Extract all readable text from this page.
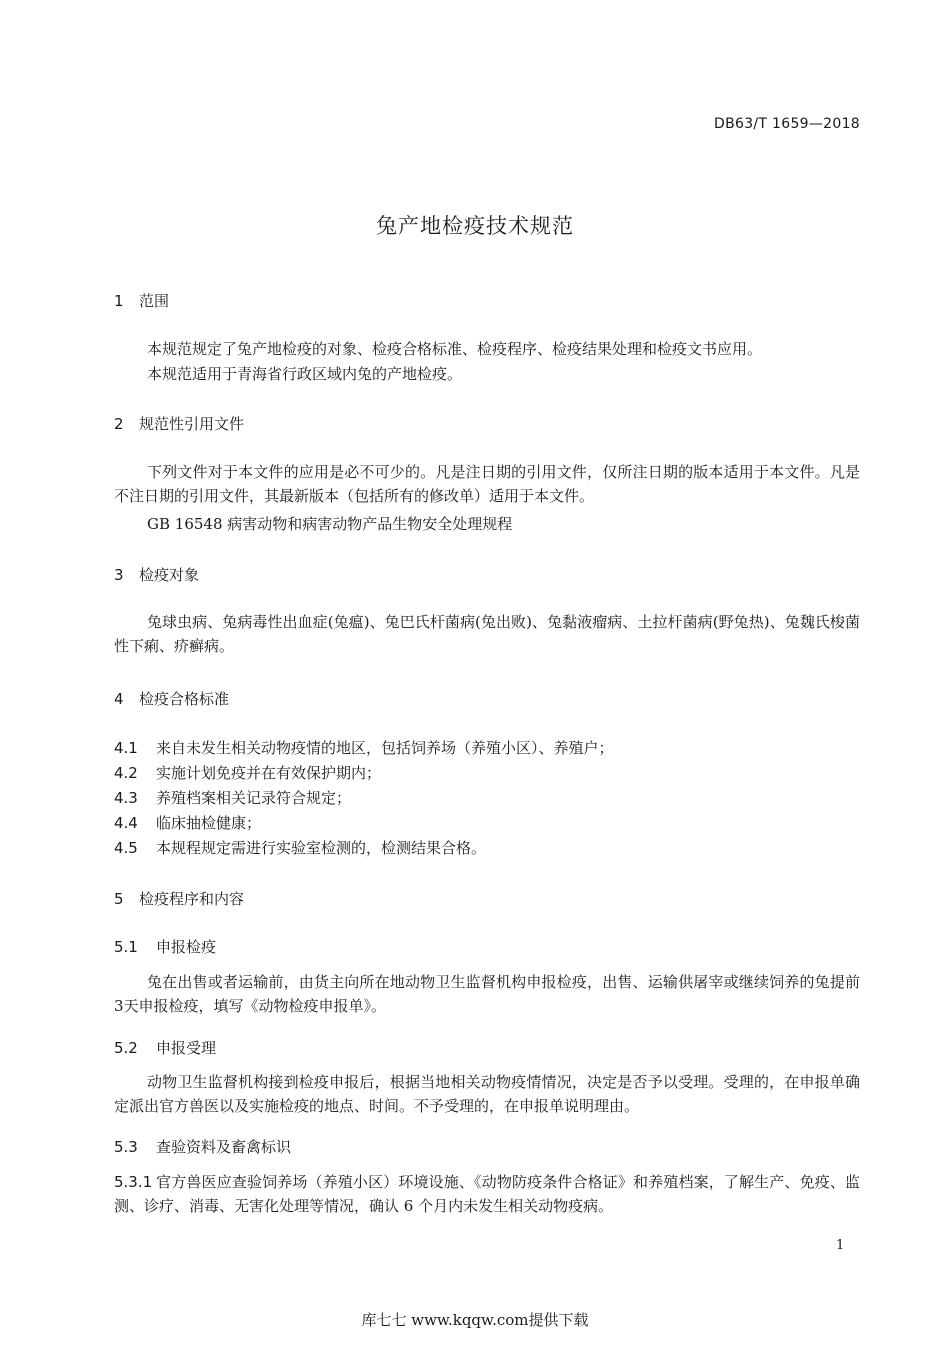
DB63/T 1659—2018
兔产地检疫技术规范
1 范围
本规范规定了兔产地检疫的对象、检疫合格标准、检疫程序、检疫结果处理和检疫文书应用。
本规范适用于青海省行政区域内兔的产地检疫。
2 规范性引用文件
下列文件对于本文件的应用是必不可少的。凡是注日期的引用文件，仅所注日期的版本适用于本文件。凡是不注日期的引用文件，其最新版本（包括所有的修改单）适用于本文件。
GB 16548 病害动物和病害动物产品生物安全处理规程
3 检疫对象
兔球虫病、兔病毒性出血症(兔瘟)、兔巴氏杆菌病(兔出败)、兔黏液瘤病、土拉杆菌病(野兔热)、兔魏氏梭菌性下痢、疥癣病。
4 检疫合格标准
4.1 来自未发生相关动物疫情的地区，包括饲养场（养殖小区）、养殖户；
4.2 实施计划免疫并在有效保护期内；
4.3 养殖档案相关记录符合规定；
4.4 临床抽检健康；
4.5 本规程规定需进行实验室检测的，检测结果合格。
5 检疫程序和内容
5.1 申报检疫
兔在出售或者运输前，由货主向所在地动物卫生监督机构申报检疫，出售、运输供屠宰或继续饲养的兔提前3天申报检疫，填写《动物检疫申报单》。
5.2 申报受理
动物卫生监督机构接到检疫申报后，根据当地相关动物疫情情况，决定是否予以受理。受理的，在申报单确定派出官方兽医以及实施检疫的地点、时间。不予受理的，在申报单说明理由。
5.3 查验资料及畜禽标识
5.3.1 官方兽医应查验饲养场（养殖小区）环境设施、《动物防疫条件合格证》和养殖档案，了解生产、免疫、监测、诊疗、消毒、无害化处理等情况，确认 6 个月内未发生相关动物疫病。
1
库七七 www.kqqw.com提供下载
